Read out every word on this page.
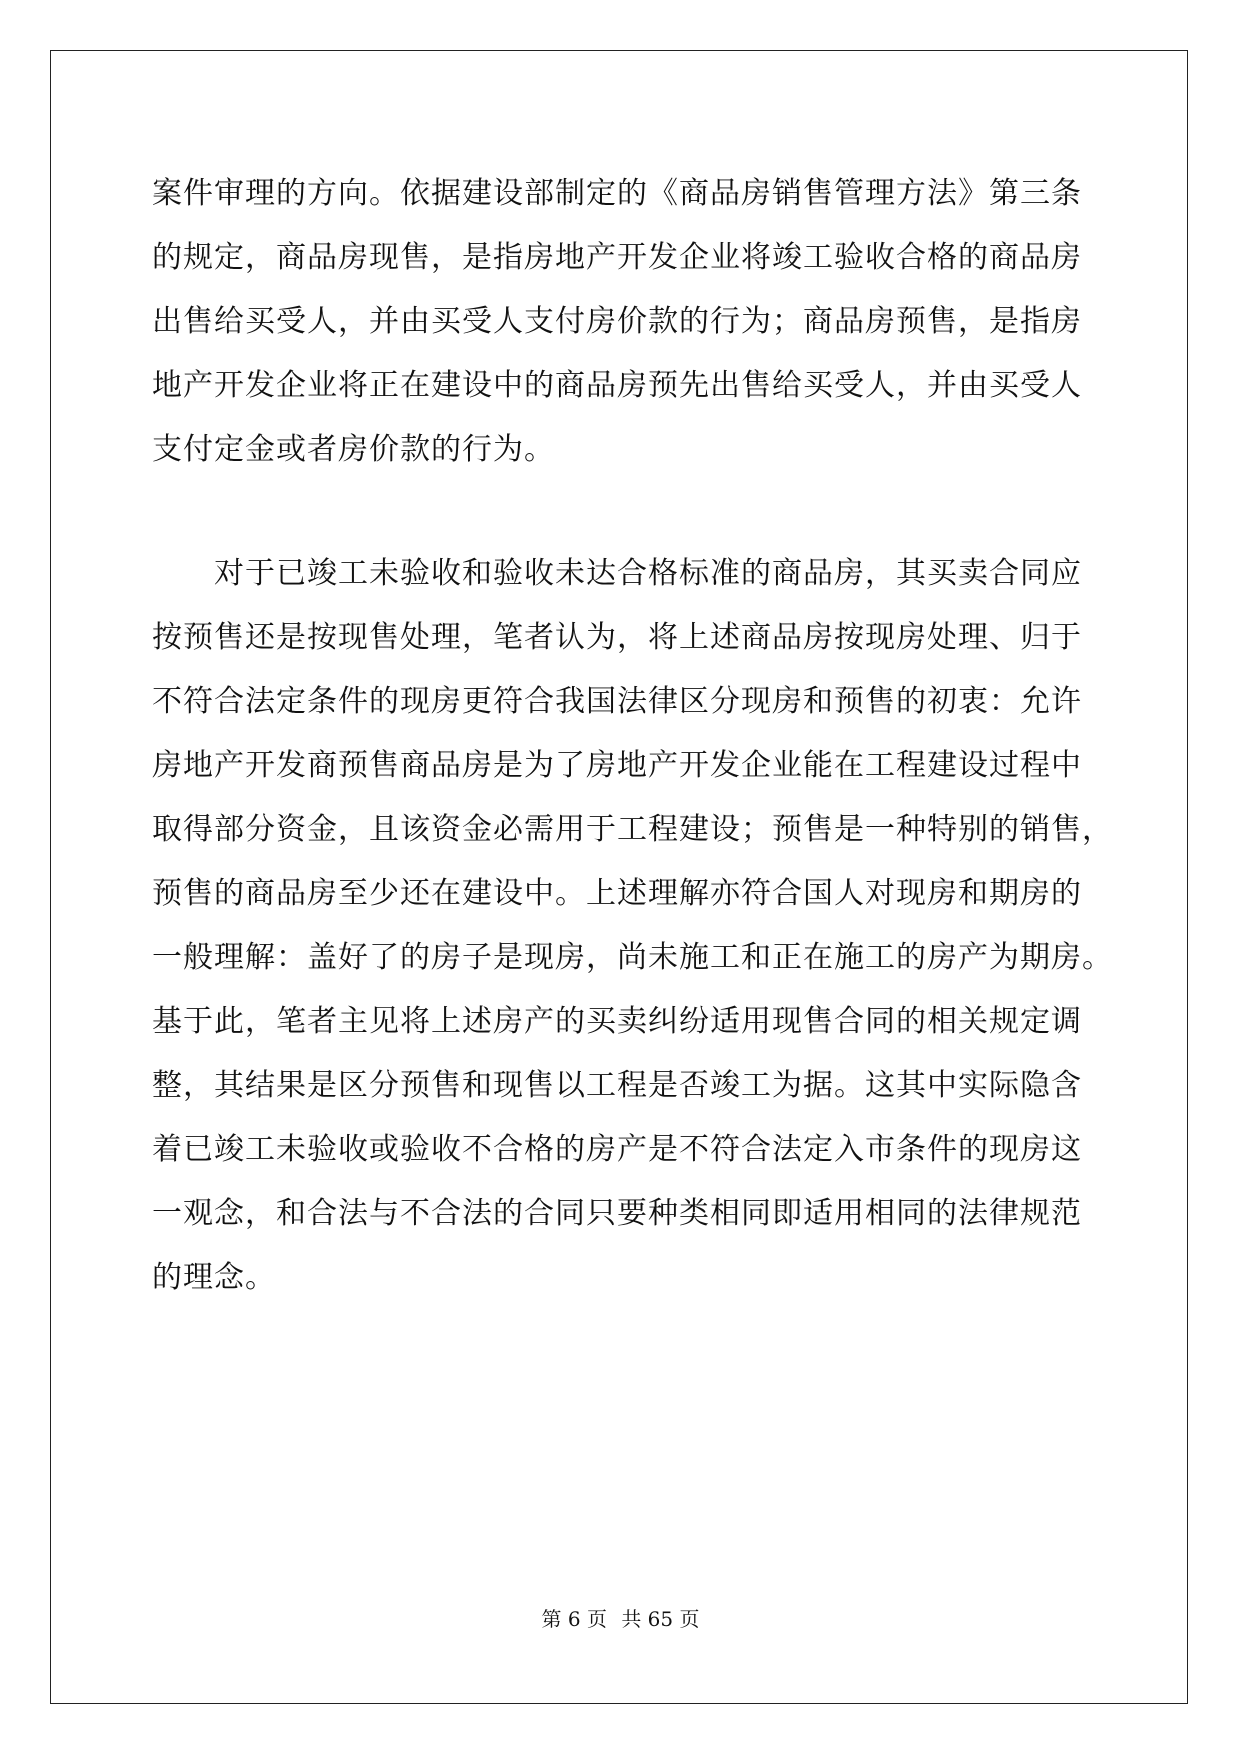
案件审理的方向。依据建设部制定的《商品房销售管理方法》第三条
的规定，商品房现售，是指房地产开发企业将竣工验收合格的商品房
出售给买受人，并由买受人支付房价款的行为；商品房预售，是指房
地产开发企业将正在建设中的商品房预先出售给买受人，并由买受人
支付定金或者房价款的行为。
对于已竣工未验收和验收未达合格标准的商品房，其买卖合同应
按预售还是按现售处理，笔者认为，将上述商品房按现房处理、归于
不符合法定条件的现房更符合我国法律区分现房和预售的初衷：允许
房地产开发商预售商品房是为了房地产开发企业能在工程建设过程中
取得部分资金，且该资金必需用于工程建设；预售是一种特别的销售，
预售的商品房至少还在建设中。上述理解亦符合国人对现房和期房的
一般理解：盖好了的房子是现房，尚未施工和正在施工的房产为期房。
基于此，笔者主见将上述房产的买卖纠纷适用现售合同的相关规定调
整，其结果是区分预售和现售以工程是否竣工为据。这其中实际隐含
着已竣工未验收或验收不合格的房产是不符合法定入市条件的现房这
一观念，和合法与不合法的合同只要种类相同即适用相同的法律规范
的理念。
第 6 页 共 65 页
